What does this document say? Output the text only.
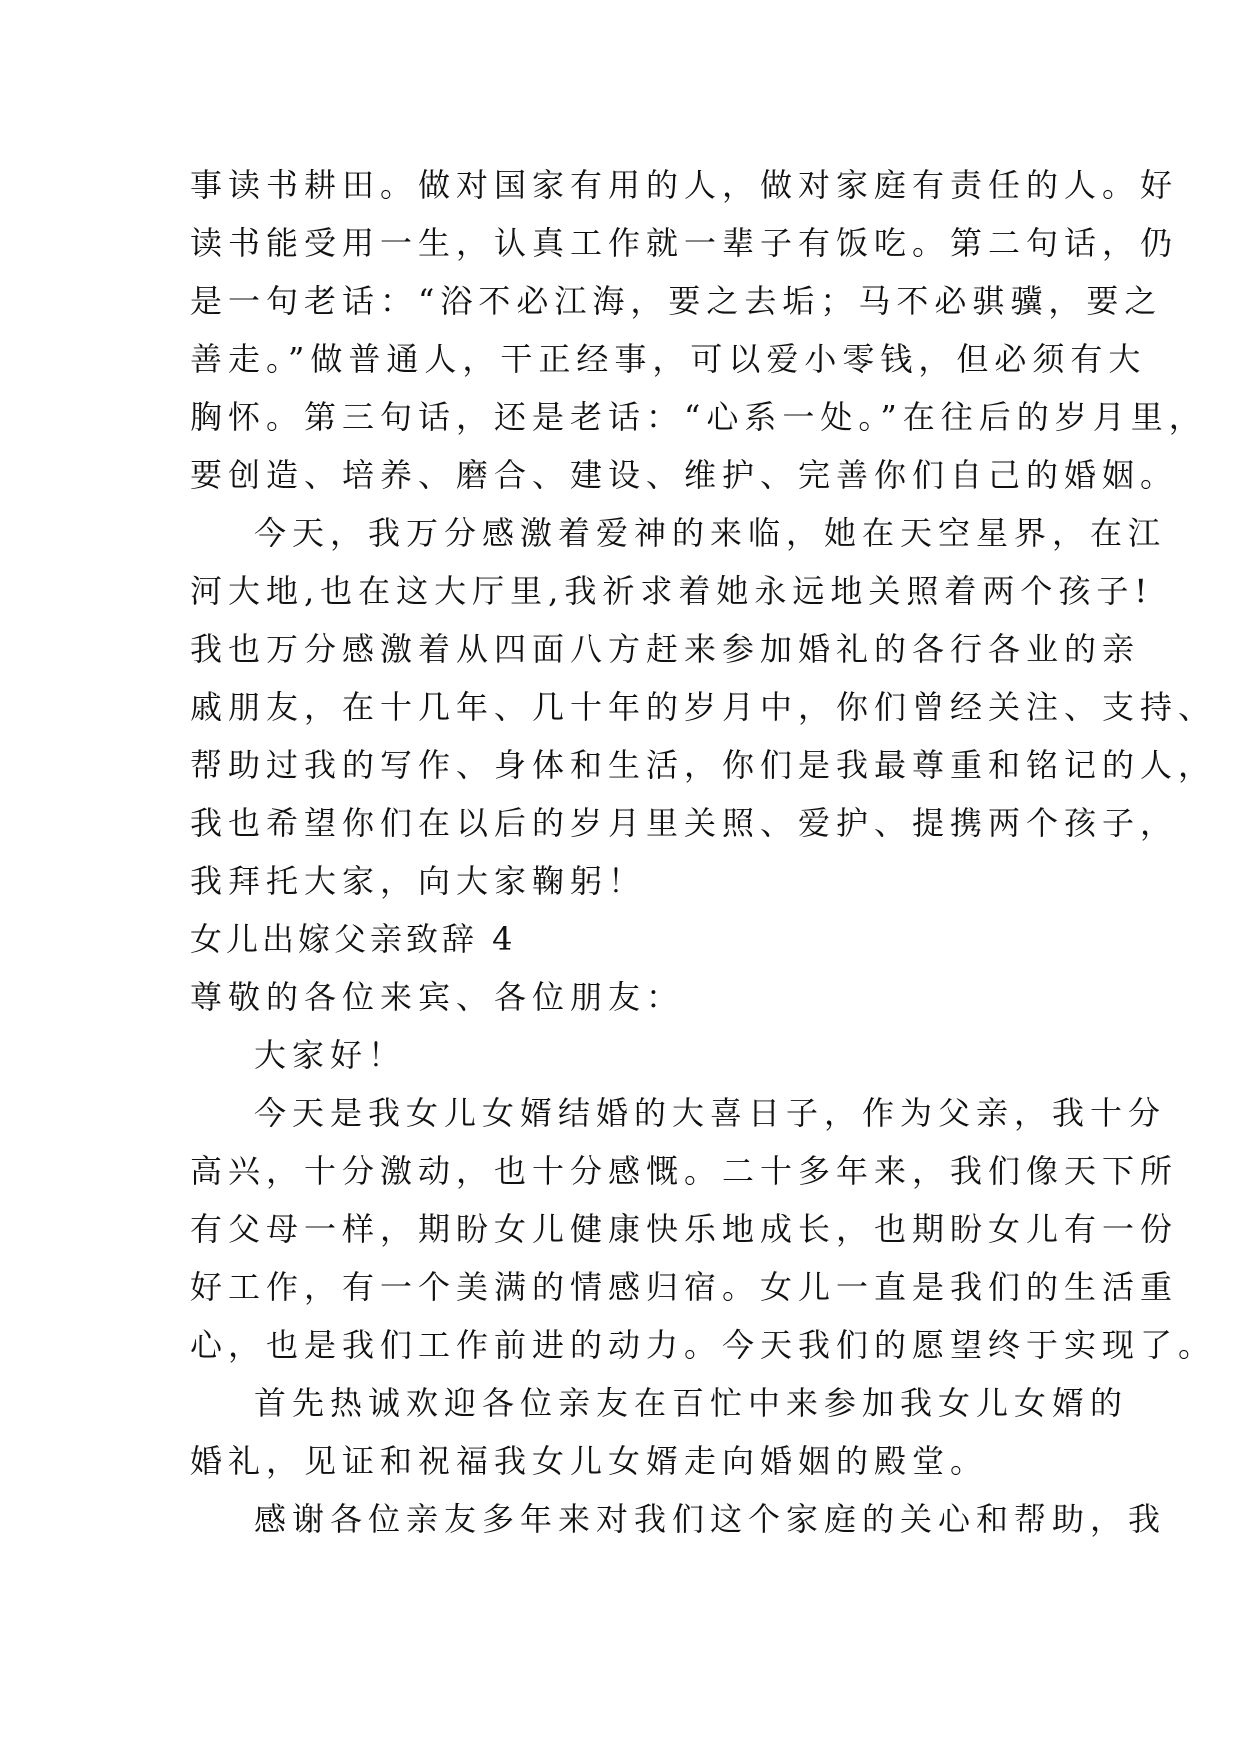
事读书耕田。做对国家有用的人，做对家庭有责任的人。好
读书能受用一生，认真工作就一辈子有饭吃。第二句话，仍
是一句老话：“浴不必江海，要之去垢；马不必骐骥，要之
善走。”做普通人，干正经事，可以爱小零钱，但必须有大
胸怀。第三句话，还是老话：“心系一处。”在往后的岁月里，
要创造、培养、磨合、建设、维护、完善你们自己的婚姻。
今天，我万分感激着爱神的来临，她在天空星界，在江
河大地,也在这大厅里,我祈求着她永远地关照着两个孩子!
我也万分感激着从四面八方赶来参加婚礼的各行各业的亲
戚朋友，在十几年、几十年的岁月中，你们曾经关注、支持、
帮助过我的写作、身体和生活，你们是我最尊重和铭记的人，
我也希望你们在以后的岁月里关照、爱护、提携两个孩子，
我拜托大家，向大家鞠躬！
女儿出嫁父亲致辞 4
尊敬的各位来宾、各位朋友：
大家好！
今天是我女儿女婿结婚的大喜日子，作为父亲，我十分
高兴，十分激动，也十分感慨。二十多年来，我们像天下所
有父母一样，期盼女儿健康快乐地成长，也期盼女儿有一份
好工作，有一个美满的情感归宿。女儿一直是我们的生活重
心，也是我们工作前进的动力。今天我们的愿望终于实现了。
首先热诚欢迎各位亲友在百忙中来参加我女儿女婿的
婚礼，见证和祝福我女儿女婿走向婚姻的殿堂。
感谢各位亲友多年来对我们这个家庭的关心和帮助，我
